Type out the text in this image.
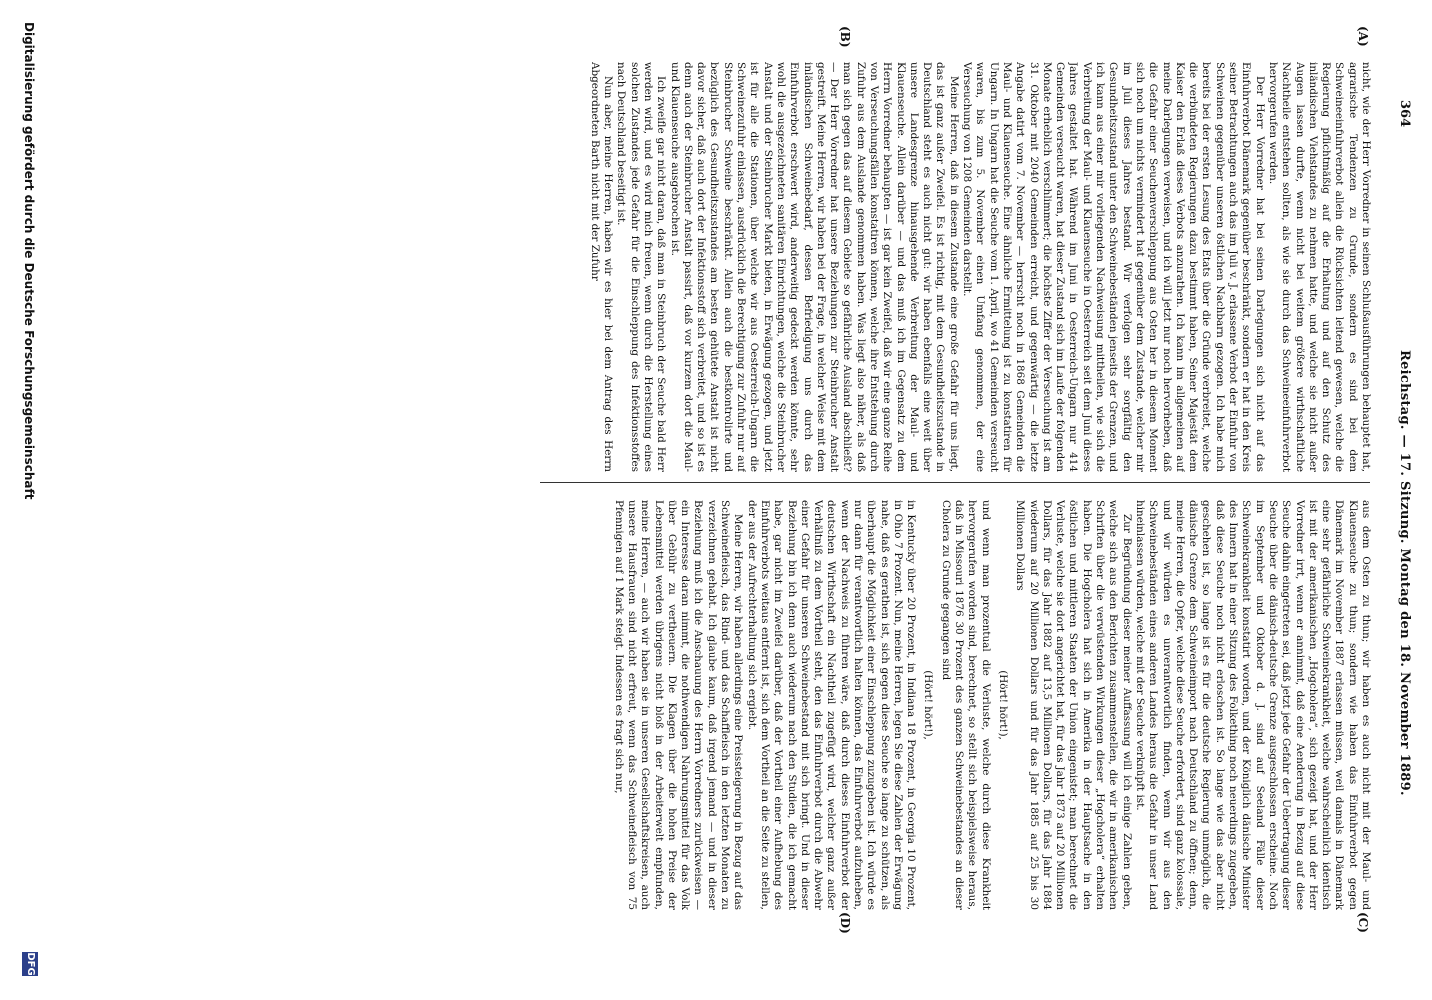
364
Reichstag. — 17. Sitzung. Montag den 18. November 1889.
(A)
(B)
(C)
(D)

nicht, wie der Herr Vorredner in seinen Schlußausführungen behauptet hat, agrarische Tendenzen zu Grunde, sondern es sind bei dem Schweineeinfuhrverbot allein die Rücksichten leitend gewesen, welche die Regierung pflichtmäßig auf die Erhaltung und auf den Schutz des inländischen Viehstandes zu nehmen hatte, und welche sie nicht außer Augen lassen durfte, wenn nicht bei weitem größere wirthschaftliche Nachtheile entstehen sollten, als wie sie durch das Schweineeinfuhrverbot hervorgerufen werden.

Der Herr Vorredner hat bei seinen Darlegungen sich nicht auf das Einfuhrverbot Dänemark gegenüber beschränkt, sondern er hat in den Kreis seiner Betrachtungen auch das im Juli v. J. erlassene Verbot der Einfuhr von Schweinen gegenüber unseren östlichen Nachbarn gezogen. Ich habe mich bereits bei der ersten Lesung des Etats über die Gründe verbreitet, welche die verbündeten Regierungen dazu bestimmt haben, Seiner Majestät dem Kaiser den Erlaß dieses Verbots anzurathen. Ich kann im allgemeinen auf meine Darlegungen verweisen, und ich will jetzt nur noch hervorheben, daß die Gefahr einer Seuchenverschleppung aus Osten her in diesem Moment sich noch um nichts vermindert hat gegenüber dem Zustande, welcher mir im Juli dieses Jahres bestand. Wir verfolgen sehr sorgfältig den Gesundheitszustand unter den Schweinebeständen jenseits der Grenzen, und ich kann aus einer mir vorliegenden Nachweisung mittheilen, wie sich die Verbreitung der Maul- und Klauenseuche in Oesterreich seit dem Juni dieses Jahres gestaltet hat. Während im Juni in Oesterreich-Ungarn nur 414 Gemeinden verseucht waren, hat dieser Zustand sich im Laufe der folgenden Monate erheblich verschlimmert; die höchste Ziffer der Verseuchung ist am 31. Oktober mit 2040 Gemeinden erreicht, und gegenwärtig — die letzte Angabe datirt vom 7. November — herrscht noch in 1868 Gemeinden die Maul- und Klauenseuche. Eine ähnliche Ermittelung ist zu konstatiren für Ungarn. In Ungarn hat die Seuche vom 1. April, wo 41 Gemeinden verseucht waren, bis zum 5. November einen Umfang genommen, der eine Verseuchung von 1208 Gemeinden darstellt.

Meine Herren, daß in diesem Zustande eine große Gefahr für uns liegt, das ist ganz außer Zweifel. Es ist richtig, mit dem Gesundheitszustande in Deutschland steht es auch nicht gut: wir haben ebenfalls eine weit über unsere Landesgrenze hinausgehende Verbreitung der Maul- und Klauenseuche. Allein darüber — und das muß ich im Gegensatz zu dem Herrn Vorredner behaupten — ist gar kein Zweifel, daß wir eine ganze Reihe von Verseuchungsfällen konstatiren können, welche ihre Entstehung durch Zufuhr aus dem Auslande genommen haben. Was liegt also näher, als daß man sich gegen das auf diesem Gebiete so gefährliche Ausland abschließt? — Der Herr Vorredner hat unsere Beziehungen zur Steinbrucher Anstalt gestreift. Meine Herren, wir haben bei der Frage, in welcher Weise mit dem inländischen Schweinebedarf, dessen Befriedigung uns durch das Einfuhrverbot erschwert wird, anderweitig gedeckt werden könnte, sehr wohl die ausgezeichneten sanitären Einrichtungen, welche die Steinbrucher Anstalt und der Steinbrucher Markt bieten, in Erwägung gezogen, und jetzt ist für alle die Stationen, über welche wir aus Oesterreich-Ungarn die Schweinezufuhr einlassen, ausdrücklich die Berechtigung zur Zufuhr nur auf Steinbrucher Schweine beschränkt. Allein auch die bestkontrolirte und bezüglich des Gesundheitszustandes am besten gehütete Anstalt ist nicht davor sicher, daß auch dort der Infektionsstoff sich verbreitet, und so ist es denn auch der Steinbrucher Anstalt passirt, daß vor kurzem dort die Maul- und Klauenseuche ausgebrochen ist.

Ich zweifle gar nicht daran, daß man in Steinbruch der Seuche bald Herr werden wird, und es wird mich freuen, wenn durch die Herstellung eines solchen Zustandes jede Gefahr für die Einschleppung des Infektionsstoffes nach Deutschland beseitigt ist.

Nun aber, meine Herren, haben wir es hier bei dem Antrag des Herrn Abgeordneten Barth nicht mit der Zufuhr

aus dem Osten zu thun; wir haben es auch nicht mit der Maul- und Klauenseuche zu thun; sondern wie haben das Einfuhrverbot gegen Dänemark im November 1887 erlassen müssen, weil damals in Dänemark eine sehr gefährliche Schweinekrankheit, welche wahrscheinlich identisch ist mit der amerikanischen „Hogcholera“, sich gezeigt hat, und der Herr Vorredner irrt, wenn er annimmt, daß eine Aenderung in Bezug auf diese Seuche dahin eingetreten sei, daß jetzt jede Gefahr der Uebertragung dieser Seuche über die dänisch-deutsche Grenze ausgeschlossen erscheine. Noch im September und Oktober d. J. sind auf Seeland Fälle dieser Schweinekrankheit konstatirt worden, und der Königlich dänische Minister des Innern hat in einer Sitzung des Folkething noch neuerdings zugegeben, daß diese Seuche noch nicht erloschen ist. So lange wie das aber nicht geschehen ist, so lange ist es für die deutsche Regierung unmöglich, die dänische Grenze dem Schweineimport nach Deutschland zu öffnen; denn, meine Herren, die Opfer, welche diese Seuche erfordert, sind ganz kolossale, und wir würden es unverantwortlich finden, wenn wir aus den Schweinebeständen eines anderen Landes heraus die Gefahr in unser Land hineinlassen würden, welche mit der Seuche verknüpft ist.

Zur Begründung dieser meiner Auffassung will ich einige Zahlen geben, welche sich aus den Berichten zusammenstellen, die wir in amerikanischen Schriften über die verwüstenden Wirkungen dieser „Hogcholera“ erhalten haben. Die Hogcholera hat sich in Amerika in der Hauptsache in den östlichen und mittleren Staaten der Union eingenistet; man berechnet die Verluste, welche sie dort angerichtet hat, für das Jahr 1873 auf 20 Millionen Dollars, für das Jahr 1882 auf 13,5 Millionen Dollars, für das Jahr 1884 wiederum auf 20 Millionen Dollars und für das Jahr 1885 auf 25 bis 30 Millionen Dollars

(Hört! hört!),

und wenn man prozentual die Verluste, welche durch diese Krankheit hervorgerufen worden sind, berechnet, so stellt sich beispielsweise heraus, daß in Missouri 1876 30 Prozent des ganzen Schweinebestandes an dieser Cholera zu Grunde gegangen sind

(Hört! hört!),

in Kentucky über 20 Prozent, in Indiana 18 Prozent, in Georgia 10 Prozent, in Ohio 7 Prozent. Nun, meine Herren, legen Sie diese Zahlen der Erwägung nahe, daß es gerathen ist, sich gegen diese Seuche so lange zu schützen, als überhaupt die Möglichkeit einer Einschleppung zuzugeben ist. Ich würde es nur dann für verantwortlich halten können, das Einfuhrverbot aufzuheben, wenn der Nachweis zu führen wäre, daß durch dieses Einfuhrverbot der deutschen Wirthschaft ein Nachtheil zugefügt wird, welcher ganz außer Verhältniß zu dem Vortheil steht, den das Einfuhrverbot durch die Abwehr einer Gefahr für unseren Schweinebestand mit sich bringt. Und in dieser Beziehung bin ich denn auch wiederum nach den Studien, die ich gemacht habe, gar nicht im Zweifel darüber, daß der Vortheil einer Aufhebung des Einfuhrverbots weitaus entfernt ist, sich dem Vortheil an die Seite zu stellen, der aus der Aufrechterhaltung sich ergiebt.

Meine Herren, wir haben allerdings eine Preissteigerung in Bezug auf das Schweinefleisch, das Rind- und das Schaffleisch in den letzten Monaten zu verzeichnen gehabt. Ich glaube kaum, daß irgend jemand — und in dieser Beziehung muß ich die Anschauung des Herrn Vorredners zurückweisen — ein Interesse daran nimmt, die nothwendigen Nahrungsmittel für das Volk über Gebühr zu vertheuern. Die Klagen über die hohen Preise der Lebensmittel werden übrigens nicht bloß in der Arbeiterwelt empfunden, meine Herren, — auch wir haben sie in unseren Gesellschaftskreisen, auch unsere Hausfrauen sind nicht erfreut, wenn das Schweinefleisch von 75 Pfennigen auf 1 Mark steigt. Indessen es fragt sich nur,

Digitalisierung gefördert durch die Deutsche Forschungsgemeinschaft
DFG
